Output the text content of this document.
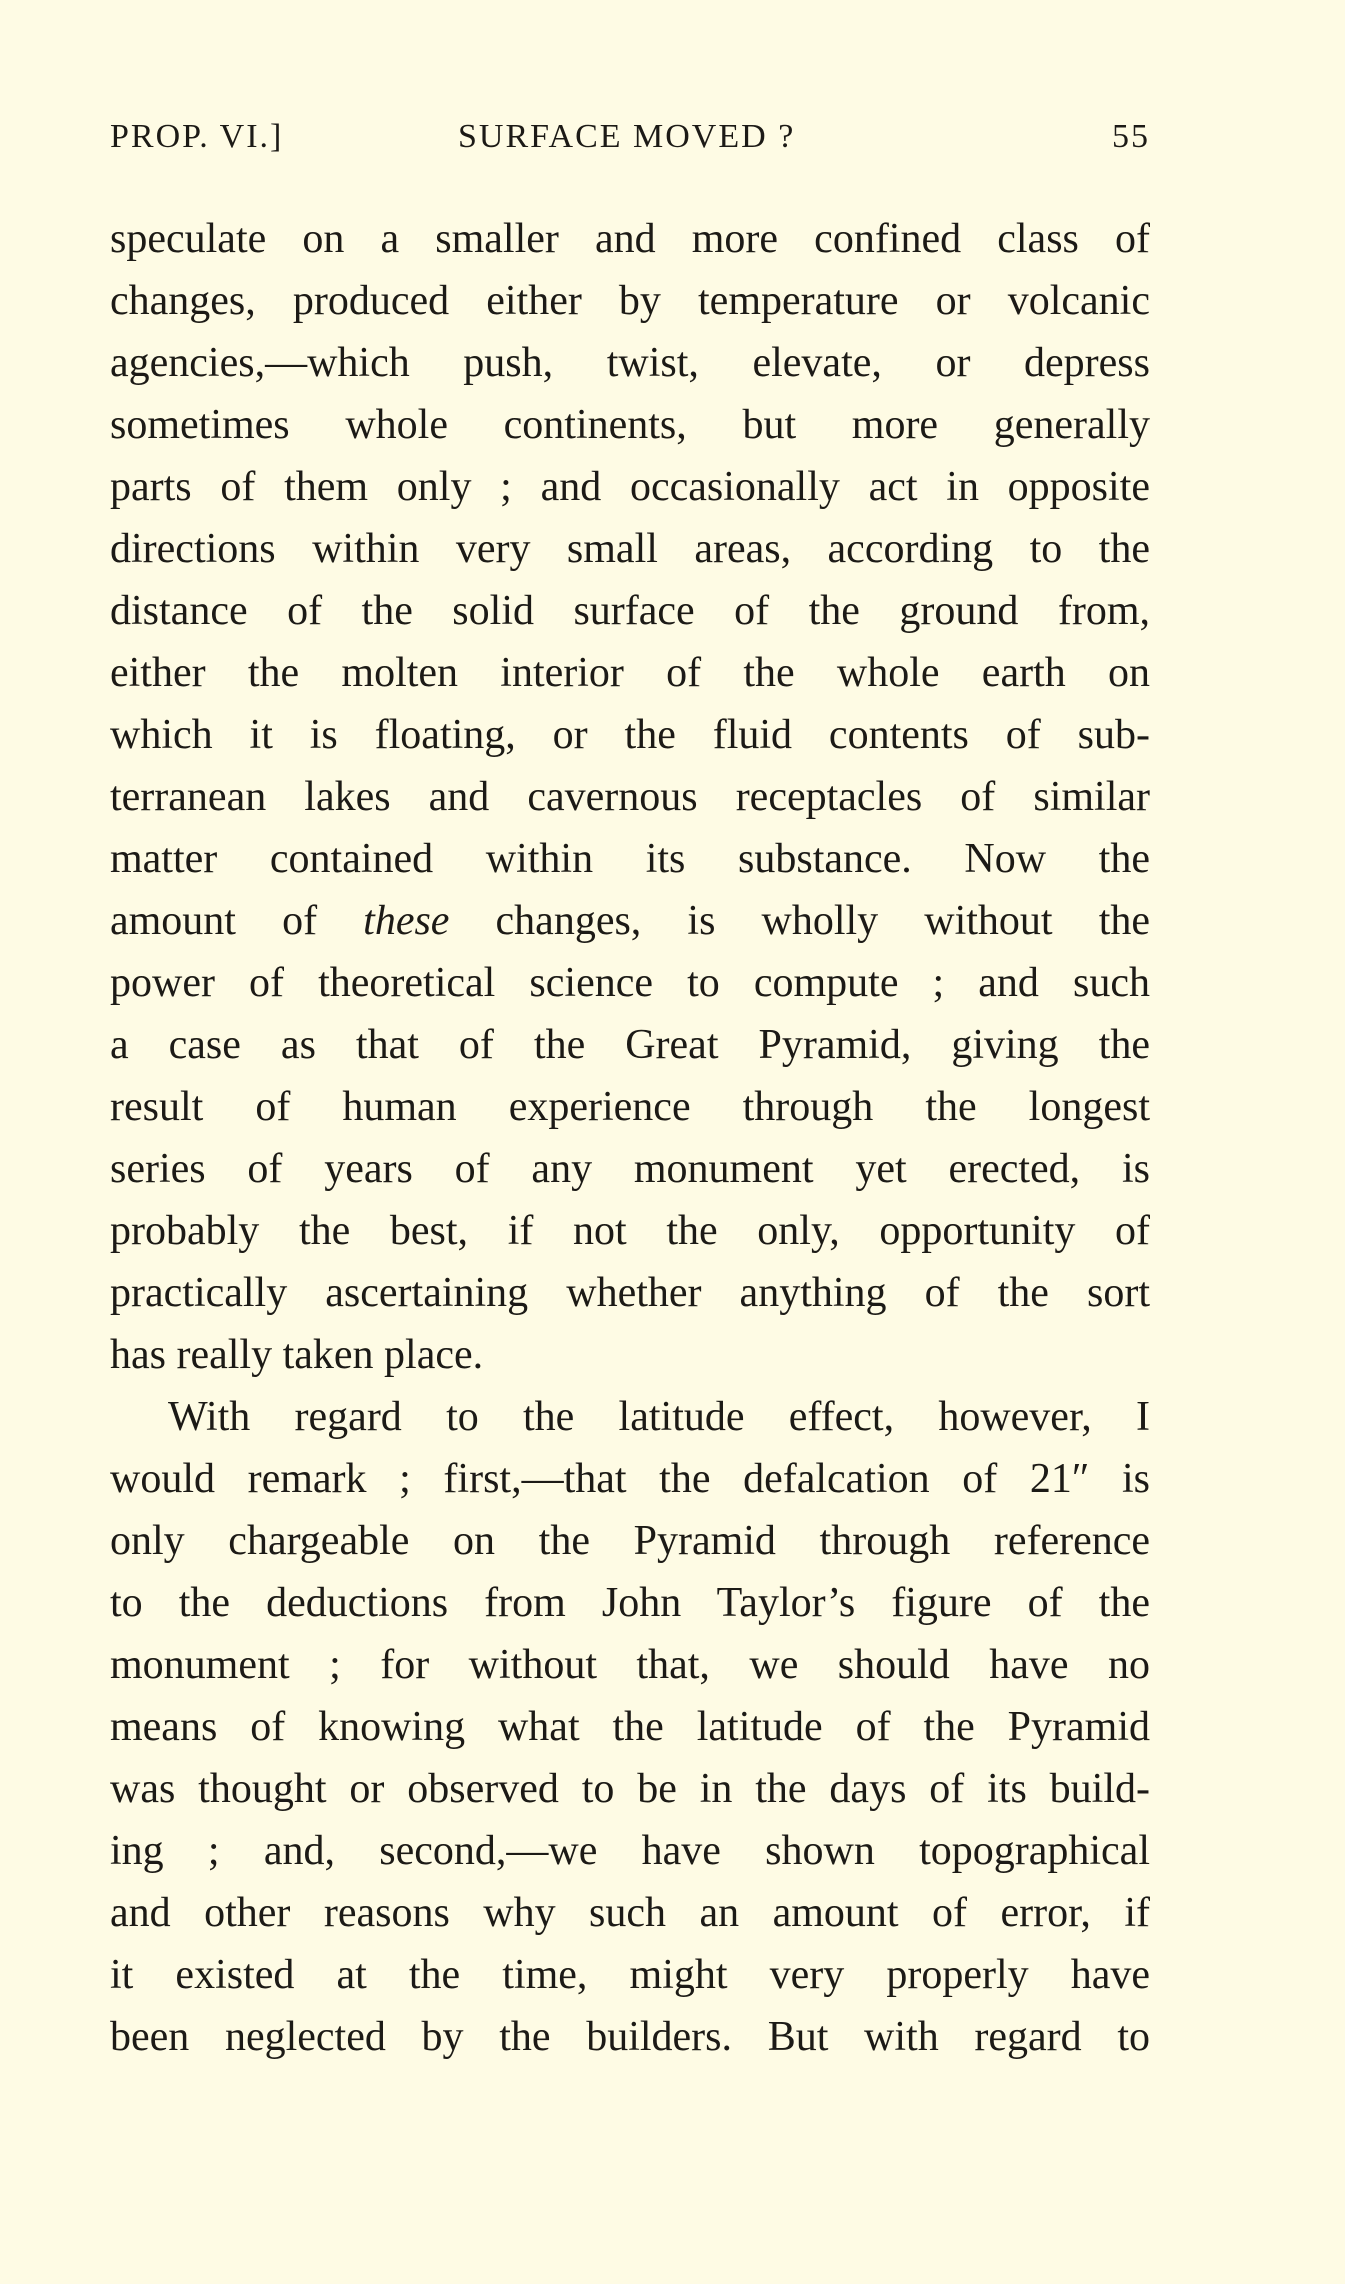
PROP. VI.]	SURFACE MOVED ?	55
speculate on a smaller and more confined class of
changes, produced either by temperature or volcanic
agencies,—which push, twist, elevate, or depress
sometimes whole continents, but more generally
parts of them only ; and occasionally act in opposite
directions within very small areas, according to the
distance of the solid surface of the ground from,
either the molten interior of the whole earth on
which it is floating, or the fluid contents of sub-
terranean lakes and cavernous receptacles of similar
matter contained within its substance. Now the
amount of these changes, is wholly without the
power of theoretical science to compute ; and such
a case as that of the Great Pyramid, giving the
result of human experience through the longest
series of years of any monument yet erected, is
probably the best, if not the only, opportunity of
practically ascertaining whether anything of the sort
has really taken place.
With regard to the latitude effect, however, I
would remark ; first,—that the defalcation of 21″ is
only chargeable on the Pyramid through reference
to the deductions from John Taylor’s figure of the
monument ; for without that, we should have no
means of knowing what the latitude of the Pyramid
was thought or observed to be in the days of its build-
ing ; and, second,—we have shown topographical
and other reasons why such an amount of error, if
it existed at the time, might very properly have
been neglected by the builders. But with regard to
